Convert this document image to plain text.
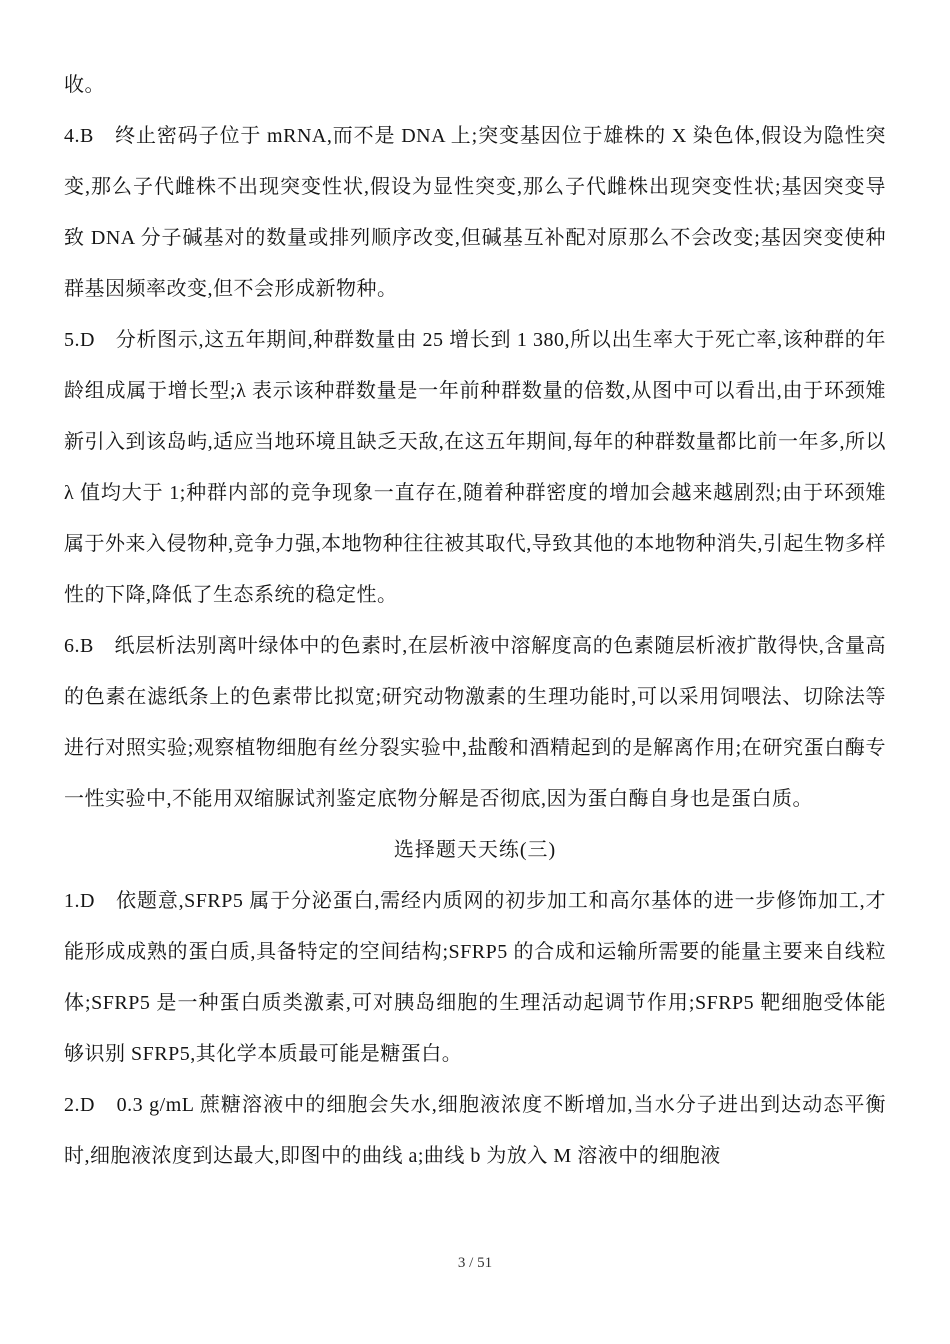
收。

4.B　终止密码子位于 mRNA,而不是 DNA 上;突变基因位于雄株的 X 染色体,假设为隐性突变,那么子代雌株不出现突变性状,假设为显性突变,那么子代雌株出现突变性状;基因突变导致 DNA 分子碱基对的数量或排列顺序改变,但碱基互补配对原那么不会改变;基因突变使种群基因频率改变,但不会形成新物种。

5.D　分析图示,这五年期间,种群数量由 25 增长到 1 380,所以出生率大于死亡率,该种群的年龄组成属于增长型;λ 表示该种群数量是一年前种群数量的倍数,从图中可以看出,由于环颈雉新引入到该岛屿,适应当地环境且缺乏天敌,在这五年期间,每年的种群数量都比前一年多,所以 λ 值均大于 1;种群内部的竞争现象一直存在,随着种群密度的增加会越来越剧烈;由于环颈雉属于外来入侵物种,竞争力强,本地物种往往被其取代,导致其他的本地物种消失,引起生物多样性的下降,降低了生态系统的稳定性。

6.B　纸层析法别离叶绿体中的色素时,在层析液中溶解度高的色素随层析液扩散得快,含量高的色素在滤纸条上的色素带比拟宽;研究动物激素的生理功能时,可以采用饲喂法、切除法等进行对照实验;观察植物细胞有丝分裂实验中,盐酸和酒精起到的是解离作用;在研究蛋白酶专一性实验中,不能用双缩脲试剂鉴定底物分解是否彻底,因为蛋白酶自身也是蛋白质。

选择题天天练(三)

1.D　依题意,SFRP5 属于分泌蛋白,需经内质网的初步加工和高尔基体的进一步修饰加工,才能形成成熟的蛋白质,具备特定的空间结构;SFRP5 的合成和运输所需要的能量主要来自线粒体;SFRP5 是一种蛋白质类激素,可对胰岛细胞的生理活动起调节作用;SFRP5 靶细胞受体能够识别 SFRP5,其化学本质最可能是糖蛋白。

2.D　0.3 g/mL 蔗糖溶液中的细胞会失水,细胞液浓度不断增加,当水分子进出到达动态平衡时,细胞液浓度到达最大,即图中的曲线 a;曲线 b 为放入 M 溶液中的细胞液

3 / 51
